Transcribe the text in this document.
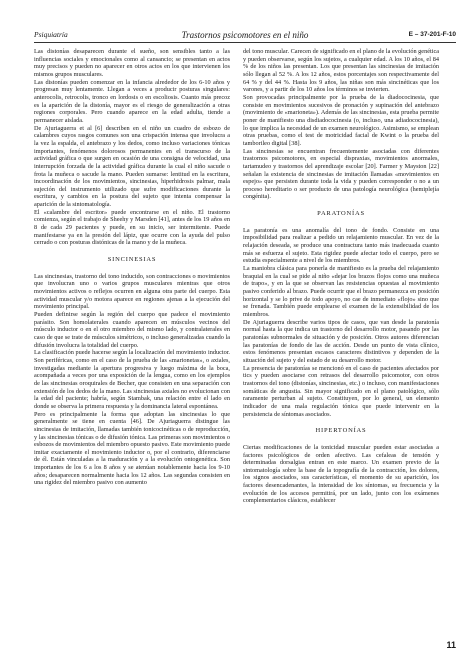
Psiquiatría	Trastornos psicomotores en el niño	E – 37-201-F-10

Las distonías desaparecen durante el sueño, son sensibles tanto a las influencias sociales y emocionales como al cansancio; se presentan en actos muy precisos y pueden no aparecer en otros actos en los que intervienen los mismos grupos musculares.

Las distonías pueden comenzar en la infancia alrededor de los 6-10 años y progresan muy lentamente. Llegan a veces a producir posturas singulares: anterocolis, retrocolis, tronco en lordosis o en escoliosis. Cuanto más precoz es la aparición de la distonía, mayor es el riesgo de generalización a otras regiones corporales. Pero cuando aparece en la edad adulta, tiende a permanecer aislada.

De Ajuriaguerra et al [6] describen en el niño un cuadro de esbozo de calambres cuyos rasgos comunes son una crispación intensa que involucra a la vez la espalda, el antebrazo y los dedos, como incluso variaciones tónicas importantes, fenómenos dolorosos permanentes en el transcurso de la actividad gráfica o que surgen en ocasión de una consigna de velocidad, una interrupción forzada de la actividad gráfica durante la cual el niño sacude o frota la muñeca o sacude la mano. Pueden sumarse: lentitud en la escritura, incoordinación de los movimientos, sincinesias, hiperhidrosis palmar, mala sujeción del instrumento utilizado que sufre modificaciones durante la escritura, y cambios en la postura del sujeto que intenta compensar la aparición de la sintomatología.

El «calambre del escritor» puede encontrarse en el niño. El trastorno comienza, según el trabajo de Sheehy y Marsden [41], antes de los 19 años en 8 de cada 29 pacientes y puede, en su inicio, ser intermitente. Puede manifestarse ya en la presión del lápiz, que ocurre con la ayuda del pulso cerrado o con posturas distónicas de la mano y de la muñeca.

SINCINESIAS

Las sincinesias, trastorno del tono inducido, son contracciones o movimientos que involucran uno o varios grupos musculares mientras que otros movimientos activos o reflejos ocurren en alguna otra parte del cuerpo. Esta actividad muscular y/o motora aparece en regiones ajenas a la ejecución del movimiento principal.

Pueden definirse según la región del cuerpo que padece el movimiento parásito. Son homolaterales cuando aparecen en músculos vecinos del músculo inductor o en el otro miembro del mismo lado, y contralaterales en caso de que se trate de músculos simétricos, o incluso generalizadas cuando la difusión involucra la totalidad del cuerpo.

La clasificación puede hacerse según la localización del movimiento inductor. Son periféricas, como en el caso de la prueba de las «marionetas», o axiales, investigadas mediante la apertura progresiva y luego máxima de la boca, acompañada a veces por una exposición de la lengua, como en los ejemplos de las sincinesias oroquirales de Becher, que consisten en una separación con extensión de los dedos de la mano. Las sincinesias axiales no evolucionan con la edad del paciente; habría, según Stambak, una relación entre el lado en donde se observa la primera respuesta y la dominancia lateral espontánea.

Pero es principalmente la forma que adoptan las sincinesias lo que generalmente se tiene en cuenta [46]. De Ajuriaguerra distingue las sincinesias de imitación, llamadas también tonicocinéticas o de reproducción, y las sincinesias tónicas o de difusión tónica. Las primeras son movimientos o esbozos de movimientos del miembro opuesto pasivo. Este movimiento puede imitar exactamente el movimiento inductor o, por el contrario, diferenciarse de él. Están vinculadas a la maduración y a la evolución ontogenética. Son importantes de los 6 a los 8 años y se atenúan notablemente hacia los 9-10 años; desaparecen normalmente hacia los 12 años. Las segundas consisten en una rigidez del miembro pasivo con aumento

del tono muscular. Carecen de significado en el plano de la evolución genética y pueden observarse, según los sujetos, a cualquier edad. A los 10 años, el 84 % de los niños las presentan. Los que presentan las sincinesias de imitación sólo llegan al 52 %. A los 12 años, estos porcentajes son respectivamente del 64 % y del 44 %. Hasta los 9 años, las niñas son más sincinéticas que los varones, y a partir de los 10 años los términos se invierten.

Son provocadas principalmente por la prueba de la diadococinesia, que consiste en movimientos sucesivos de pronación y supinación del antebrazo (movimiento de «marioneta»). Además de las sincinesias, esta prueba permite poner de manifiesto una disdiadococinesia (o, incluso, una adiadococinesia), lo que implica la necesidad de un examen neurológico. Asimismo, se emplean otras pruebas, como el test de motricidad facial de Kwint o la prueba del tamborileo digital [38].

Las sincinesias se encuentran frecuentemente asociadas con diferentes trastornos psicomotores, en especial dispraxias, movimientos anormales, tartamudeo y trastornos del aprendizaje escolar [20]. Farmer y Mayston [22] señalan la existencia de sincinesias de imitación llamadas «movimientos en espejo» que persisten durante toda la vida y pueden corresponder o no a un proceso hereditario o ser producto de una patología neurológica (hemiplejía congénita).

PARATONÍAS

La paratonía es una anomalía del tono de fondo. Consiste en una imposibilidad para realizar a pedido un relajamiento muscular. En vez de la relajación deseada, se produce una contractura tanto más inadecuada cuanto más se esfuerza el sujeto. Esta rigidez puede afectar todo el cuerpo, pero se estudia especialmente a nivel de los miembros.

La maniobra clásica para ponerla de manifiesto es la prueba del relajamiento braquial en la cual se pide al niño «dejar los brazos flojos como una muñeca de trapo», y en la que se observan las resistencias opuestas al movimiento pasivo conferido al brazo. Puede ocurrir que el brazo permanezca en posición horizontal y se lo prive de todo apoyo, no cae de inmediato «flojo» sino que se frenada. También puede emplearse el examen de la extensibilidad de los miembros.

De Ajuriaguerra describe varios tipos de casos, que van desde la paratonía normal hasta la que indica un trastorno del desarrollo motor, pasando por las paratonías subnormales de situación y de posición. Otros autores diferencian las paratonías de fondo de las de acción. Desde un punto de vista clínico, estos fenómenos presentan escasos caracteres distintivos y dependen de la situación del sujeto y del estado de su desarrollo motor.

La presencia de paratonías se mencionó en el caso de pacientes afectados por tics y pueden asociarse con retrasos del desarrollo psicomotor, con otros trastornos del tono (distonías, sincinesias, etc.) o incluso, con manifestaciones somáticas de angustia. Sin mayor significado en el plano patológico, sólo raramente perturban al sujeto. Constituyen, por lo general, un elemento indicador de una mala regulación tónica que puede intervenir en la persistencia de síntomas asociados.

HIPERTONÍAS

Ciertas modificaciones de la tonicidad muscular pueden estar asociadas a factores psicológicos de orden afectivo. Las cefaleas de tensión y determinadas dorsalgias entran en este marco. Un examen previo de la sintomatología sobre la base de la topografía de la contracción, los dolores, los signos asociados, sus características, el momento de su aparición, los factores desencadenantes, la intensidad de los síntomas, su frecuencia y la evolución de los accesos permitirá, por un lado, junto con los exámenes complementarios clásicos, establecer

11
